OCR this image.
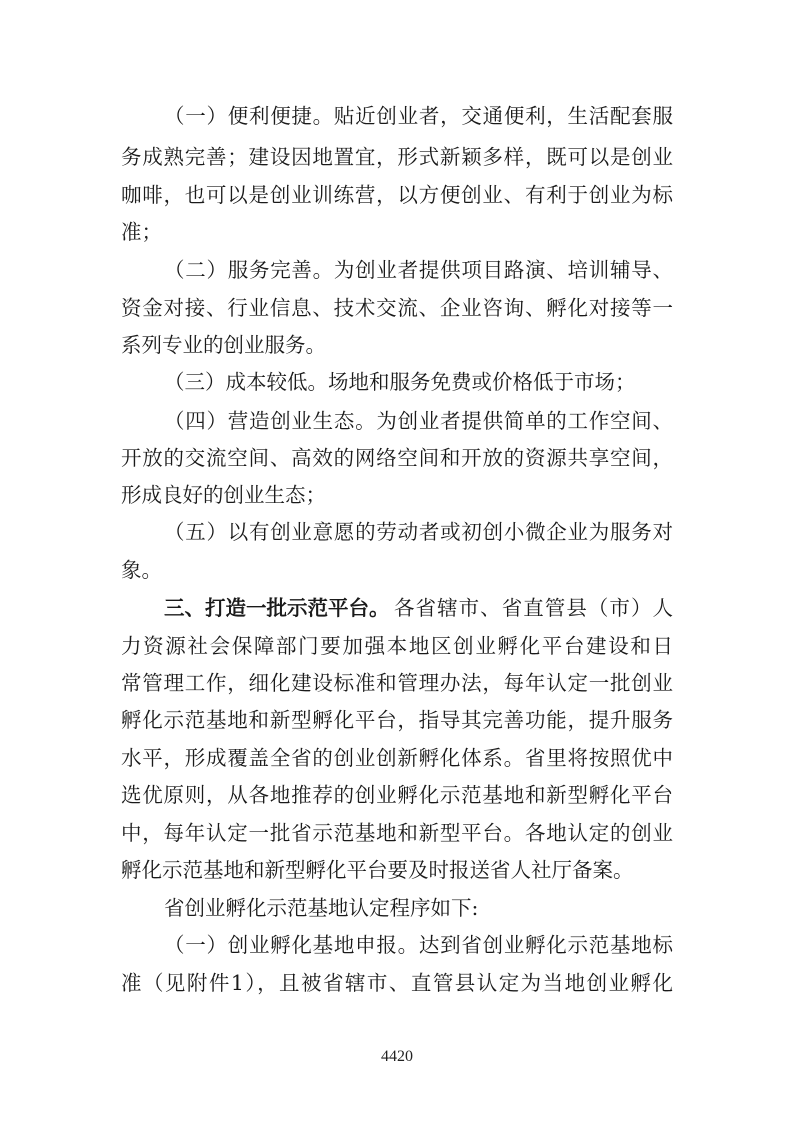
（一）便利便捷。贴近创业者，交通便利，生活配套服
务成熟完善；建设因地置宜，形式新颖多样，既可以是创业
咖啡，也可以是创业训练营，以方便创业、有利于创业为标
准；
（二）服务完善。为创业者提供项目路演、培训辅导、
资金对接、行业信息、技术交流、企业咨询、孵化对接等一
系列专业的创业服务。
（三）成本较低。场地和服务免费或价格低于市场；
（四）营造创业生态。为创业者提供简单的工作空间、
开放的交流空间、高效的网络空间和开放的资源共享空间，
形成良好的创业生态；
（五）以有创业意愿的劳动者或初创小微企业为服务对
象。
三、打造一批示范平台。 各省辖市、省直管县（市）人
力资源社会保障部门要加强本地区创业孵化平台建设和日
常管理工作，细化建设标准和管理办法，每年认定一批创业
孵化示范基地和新型孵化平台，指导其完善功能，提升服务
水平，形成覆盖全省的创业创新孵化体系。省里将按照优中
选优原则，从各地推荐的创业孵化示范基地和新型孵化平台
中，每年认定一批省示范基地和新型平台。各地认定的创业
孵化示范基地和新型孵化平台要及时报送省人社厅备案。
省创业孵化示范基地认定程序如下:
（一）创业孵化基地申报。达到省创业孵化示范基地标
准（见附件1），且被省辖市、直管县认定为当地创业孵化
4420
